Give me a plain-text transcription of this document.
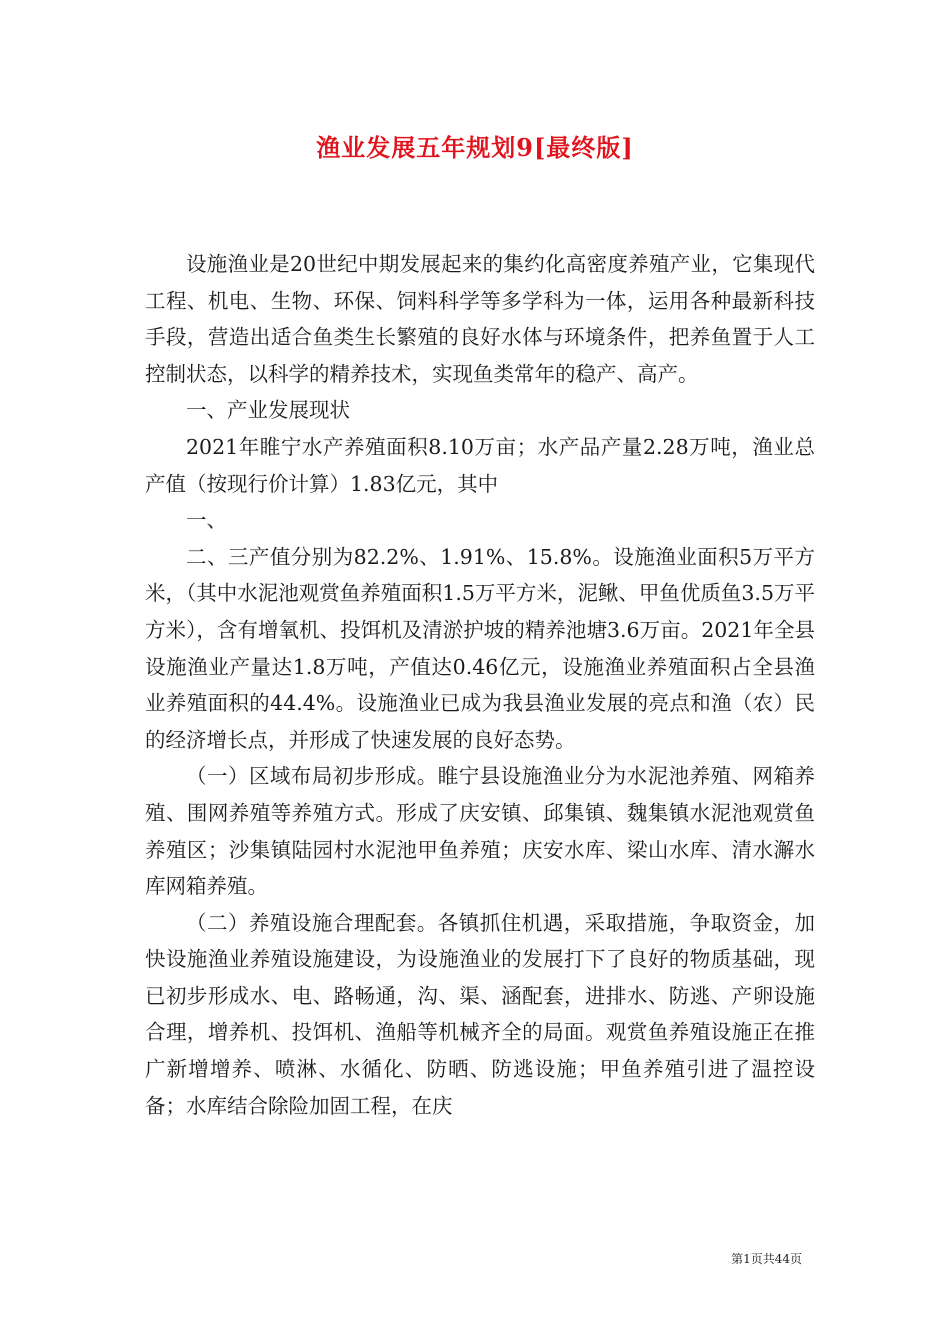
渔业发展五年规划9[最终版]

设施渔业是20世纪中期发展起来的集约化高密度养殖产业，它集现代工程、机电、生物、环保、饲料科学等多学科为一体，运用各种最新科技手段，营造出适合鱼类生长繁殖的良好水体与环境条件，把养鱼置于人工控制状态，以科学的精养技术，实现鱼类常年的稳产、高产。

一、产业发展现状

2021年睢宁水产养殖面积8.10万亩；水产品产量2.28万吨，渔业总产值（按现行价计算）1.83亿元，其中

一、

二、三产值分别为82.2%、1.91%、15.8%。设施渔业面积5万平方米，（其中水泥池观赏鱼养殖面积1.5万平方米，泥鳅、甲鱼优质鱼3.5万平方米），含有增氧机、投饵机及清淤护坡的精养池塘3.6万亩。2021年全县设施渔业产量达1.8万吨，产值达0.46亿元，设施渔业养殖面积占全县渔业养殖面积的44.4%。设施渔业已成为我县渔业发展的亮点和渔（农）民的经济增长点，并形成了快速发展的良好态势。

（一）区域布局初步形成。睢宁县设施渔业分为水泥池养殖、网箱养殖、围网养殖等养殖方式。形成了庆安镇、邱集镇、魏集镇水泥池观赏鱼养殖区；沙集镇陆园村水泥池甲鱼养殖；庆安水库、梁山水库、清水澥水库网箱养殖。

（二）养殖设施合理配套。各镇抓住机遇，采取措施，争取资金，加快设施渔业养殖设施建设，为设施渔业的发展打下了良好的物质基础，现已初步形成水、电、路畅通，沟、渠、涵配套，进排水、防逃、产卵设施合理，增养机、投饵机、渔船等机械齐全的局面。观赏鱼养殖设施正在推广新增增养、喷淋、水循化、防晒、防逃设施；甲鱼养殖引进了温控设备；水库结合除险加固工程，在庆

第1页共44页
